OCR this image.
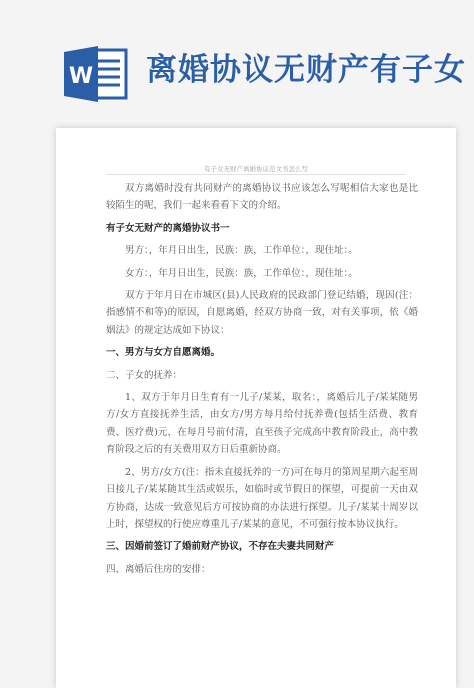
W 离婚协议无财产有子女
有子女无财产离婚协议范文书怎么写

双方离婚时没有共同财产的离婚协议书应该怎么写呢相信大家也是比较陌生的呢，我们一起来看看下文的介绍。

有子女无财产的离婚协议书一

男方：，年月日出生，民族：族，工作单位：，现住址：。

女方：，年月日出生，民族：族，工作单位：，现住址：。

双方于年月日在市城区(县)人民政府的民政部门登记结婚，现因(注：指感情不和等)的原因，自愿离婚，经双方协商一致，对有关事项，依《婚姻法》的规定达成如下协议：

一、男方与女方自愿离婚。

二、子女的抚养：

1、双方于年月日生育有一儿子/某某，取名：，离婚后儿子/某某随男方/女方直接抚养生活，由女方/男方每月给付抚养费(包括生活费、教育费、医疗费)元，在每月号前付清，直至孩子完成高中教育阶段止，高中教育阶段之后的有关费用双方日后重新协商。

2、男方/女方(注：指未直接抚养的一方)可在每月的第周星期六起至周日接儿子/某某随其生活或娱乐，如临时或节假日的探望，可提前一天由双方协商，达成一致意见后方可按协商的办法进行探望。儿子/某某十周岁以上时，探望权的行使应尊重儿子/某某的意见，不可强行按本协议执行。

三、因婚前签订了婚前财产协议，不存在夫妻共同财产

四、离婚后住房的安排：
